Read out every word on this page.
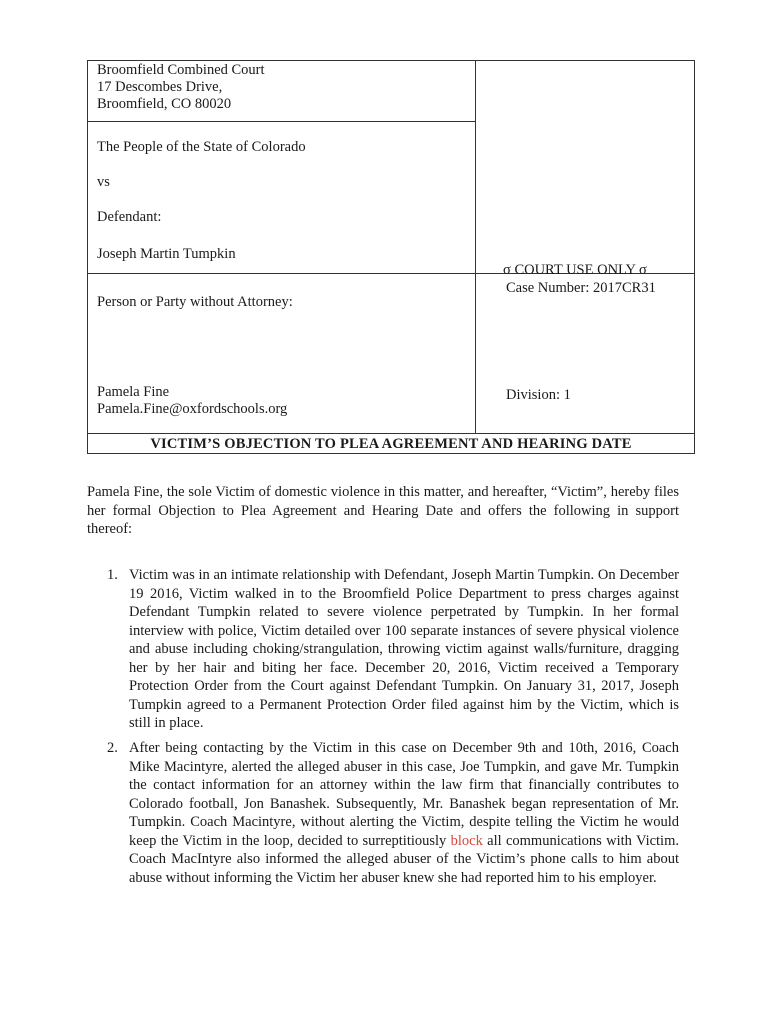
Broomfield Combined Court
17 Descombes Drive,
Broomfield, CO 80020
The People of the State of Colorado
vs
Defendant:
Joseph Martin Tumpkin
Person or Party without Attorney:
Pamela Fine
Pamela.Fine@oxfordschools.org
σ COURT USE ONLY σ
Case Number: 2017CR31
Division: 1
VICTIM’S OBJECTION TO PLEA AGREEMENT AND HEARING DATE
Pamela Fine, the sole Victim of domestic violence in this matter, and hereafter, “Victim”, hereby files her formal Objection to Plea Agreement and Hearing Date and offers the following in support thereof:
1. Victim was in an intimate relationship with Defendant, Joseph Martin Tumpkin. On December 19 2016, Victim walked in to the Broomfield Police Department to press charges against Defendant Tumpkin related to severe violence perpetrated by Tumpkin. In her formal interview with police, Victim detailed over 100 separate instances of severe physical violence and abuse including choking/strangulation, throwing victim against walls/furniture, dragging her by her hair and biting her face. December 20, 2016, Victim received a Temporary Protection Order from the Court against Defendant Tumpkin. On January 31, 2017, Joseph Tumpkin agreed to a Permanent Protection Order filed against him by the Victim, which is still in place.
2. After being contacting by the Victim in this case on December 9th and 10th, 2016, Coach Mike Macintyre, alerted the alleged abuser in this case, Joe Tumpkin, and gave Mr. Tumpkin the contact information for an attorney within the law firm that financially contributes to Colorado football, Jon Banashek. Subsequently, Mr. Banashek began representation of Mr. Tumpkin. Coach Macintyre, without alerting the Victim, despite telling the Victim he would keep the Victim in the loop, decided to surreptitiously block all communications with Victim. Coach MacIntyre also informed the alleged abuser of the Victim’s phone calls to him about abuse without informing the Victim her abuser knew she had reported him to his employer.
